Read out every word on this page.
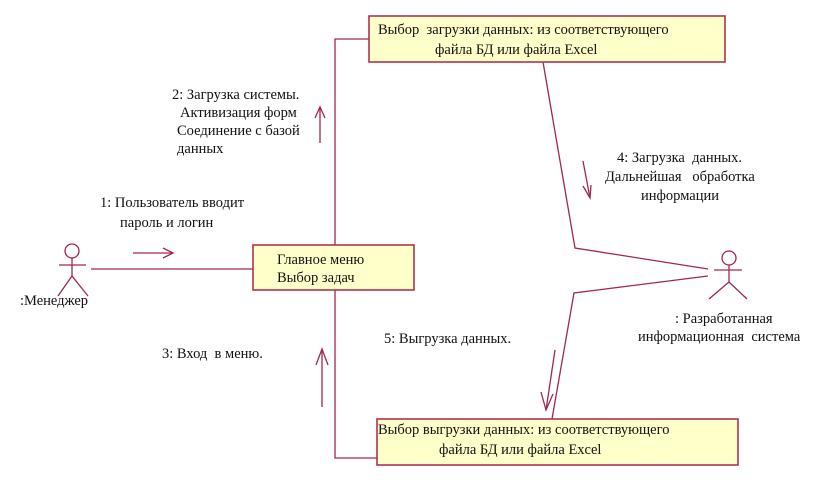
Выбор  загрузки данных: из соответствующего
файла БД или файла Excel
Главное меню
Выбор задач
Выбор выгрузки данных: из соответствующего
файла БД или файла Excel
:Менеджер
: Разработанная
информационная  система
1: Пользователь вводит
пароль и логин
2: Загрузка системы.
Активизация форм
Соединение с базой
данных
3: Вход  в меню.
4: Загрузка  данных.
Дальнейшая   обработка
информации
5: Выгрузка данных.
